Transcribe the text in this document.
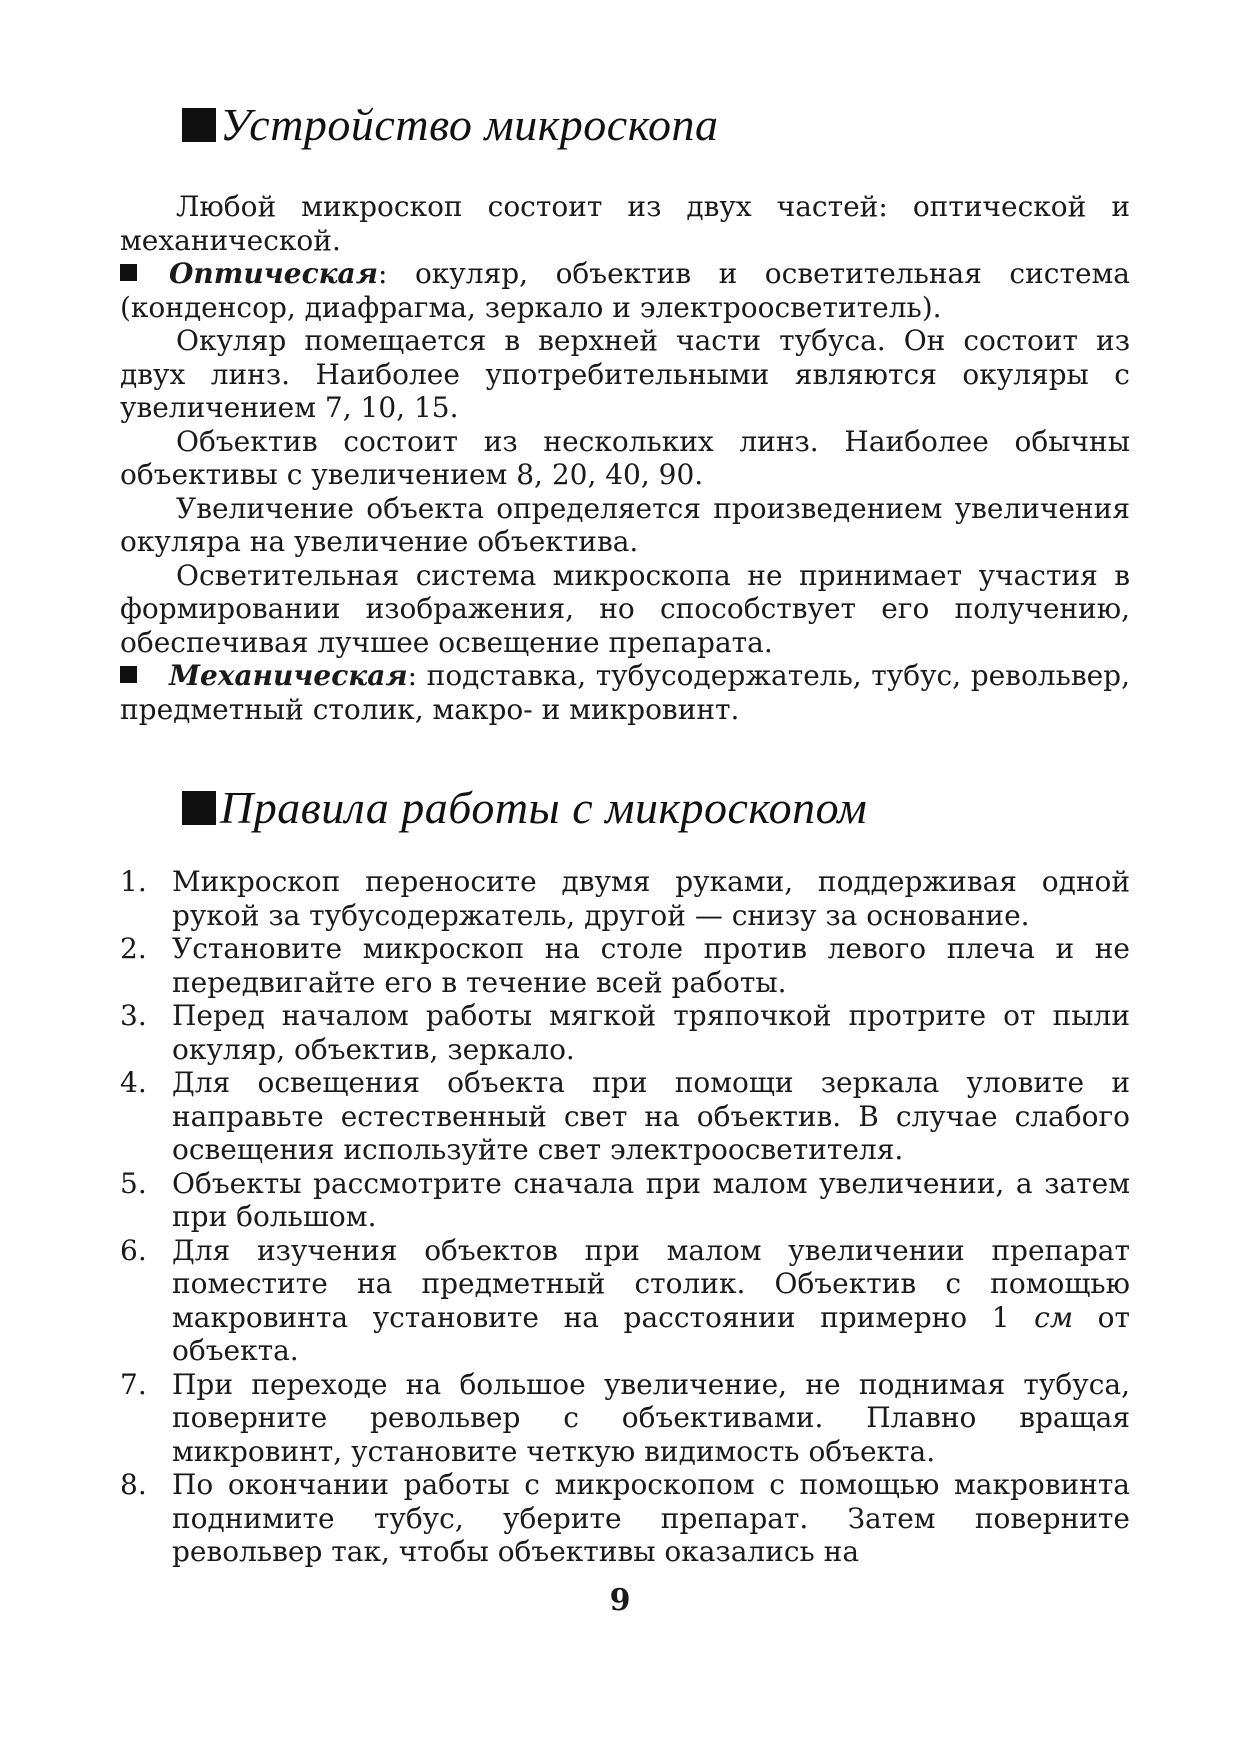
Устройство микроскопа

Любой микроскоп состоит из двух частей: оптической и механической.

Оптическая: окуляр, объектив и осветительная система (конденсор, диафрагма, зеркало и электроосветитель).

Окуляр помещается в верхней части тубуса. Он состоит из двух линз. Наиболее употребительными являются окуляры с увеличением 7, 10, 15.

Объектив состоит из нескольких линз. Наиболее обычны объективы с увеличением 8, 20, 40, 90.

Увеличение объекта определяется произведением увеличения окуляра на увеличение объектива.

Осветительная система микроскопа не принимает участия в формировании изображения, но способствует его получению, обеспечивая лучшее освещение препарата.

Механическая: подставка, тубусодержатель, тубус, револьвер, предметный столик, макро- и микровинт.

Правила работы с микроскопом
1. Микроскоп переносите двумя руками, поддерживая одной рукой за тубусодержатель, другой — снизу за основание.
2. Установите микроскоп на столе против левого плеча и не передвигайте его в течение всей работы.
3. Перед началом работы мягкой тряпочкой протрите от пыли окуляр, объектив, зеркало.
4. Для освещения объекта при помощи зеркала уловите и направьте естественный свет на объектив. В случае слабого освещения используйте свет электроосветителя.
5. Объекты рассмотрите сначала при малом увеличении, а затем при большом.
6. Для изучения объектов при малом увеличении препарат поместите на предметный столик. Объектив с помощью макровинта установите на расстоянии примерно 1 см от объекта.
7. При переходе на большое увеличение, не поднимая тубуса, поверните револьвер с объективами. Плавно вращая микровинт, установите четкую видимость объекта.
8. По окончании работы с микроскопом с помощью макровинта поднимите тубус, уберите препарат. Затем поверните револьвер так, чтобы объективы оказались на
9
